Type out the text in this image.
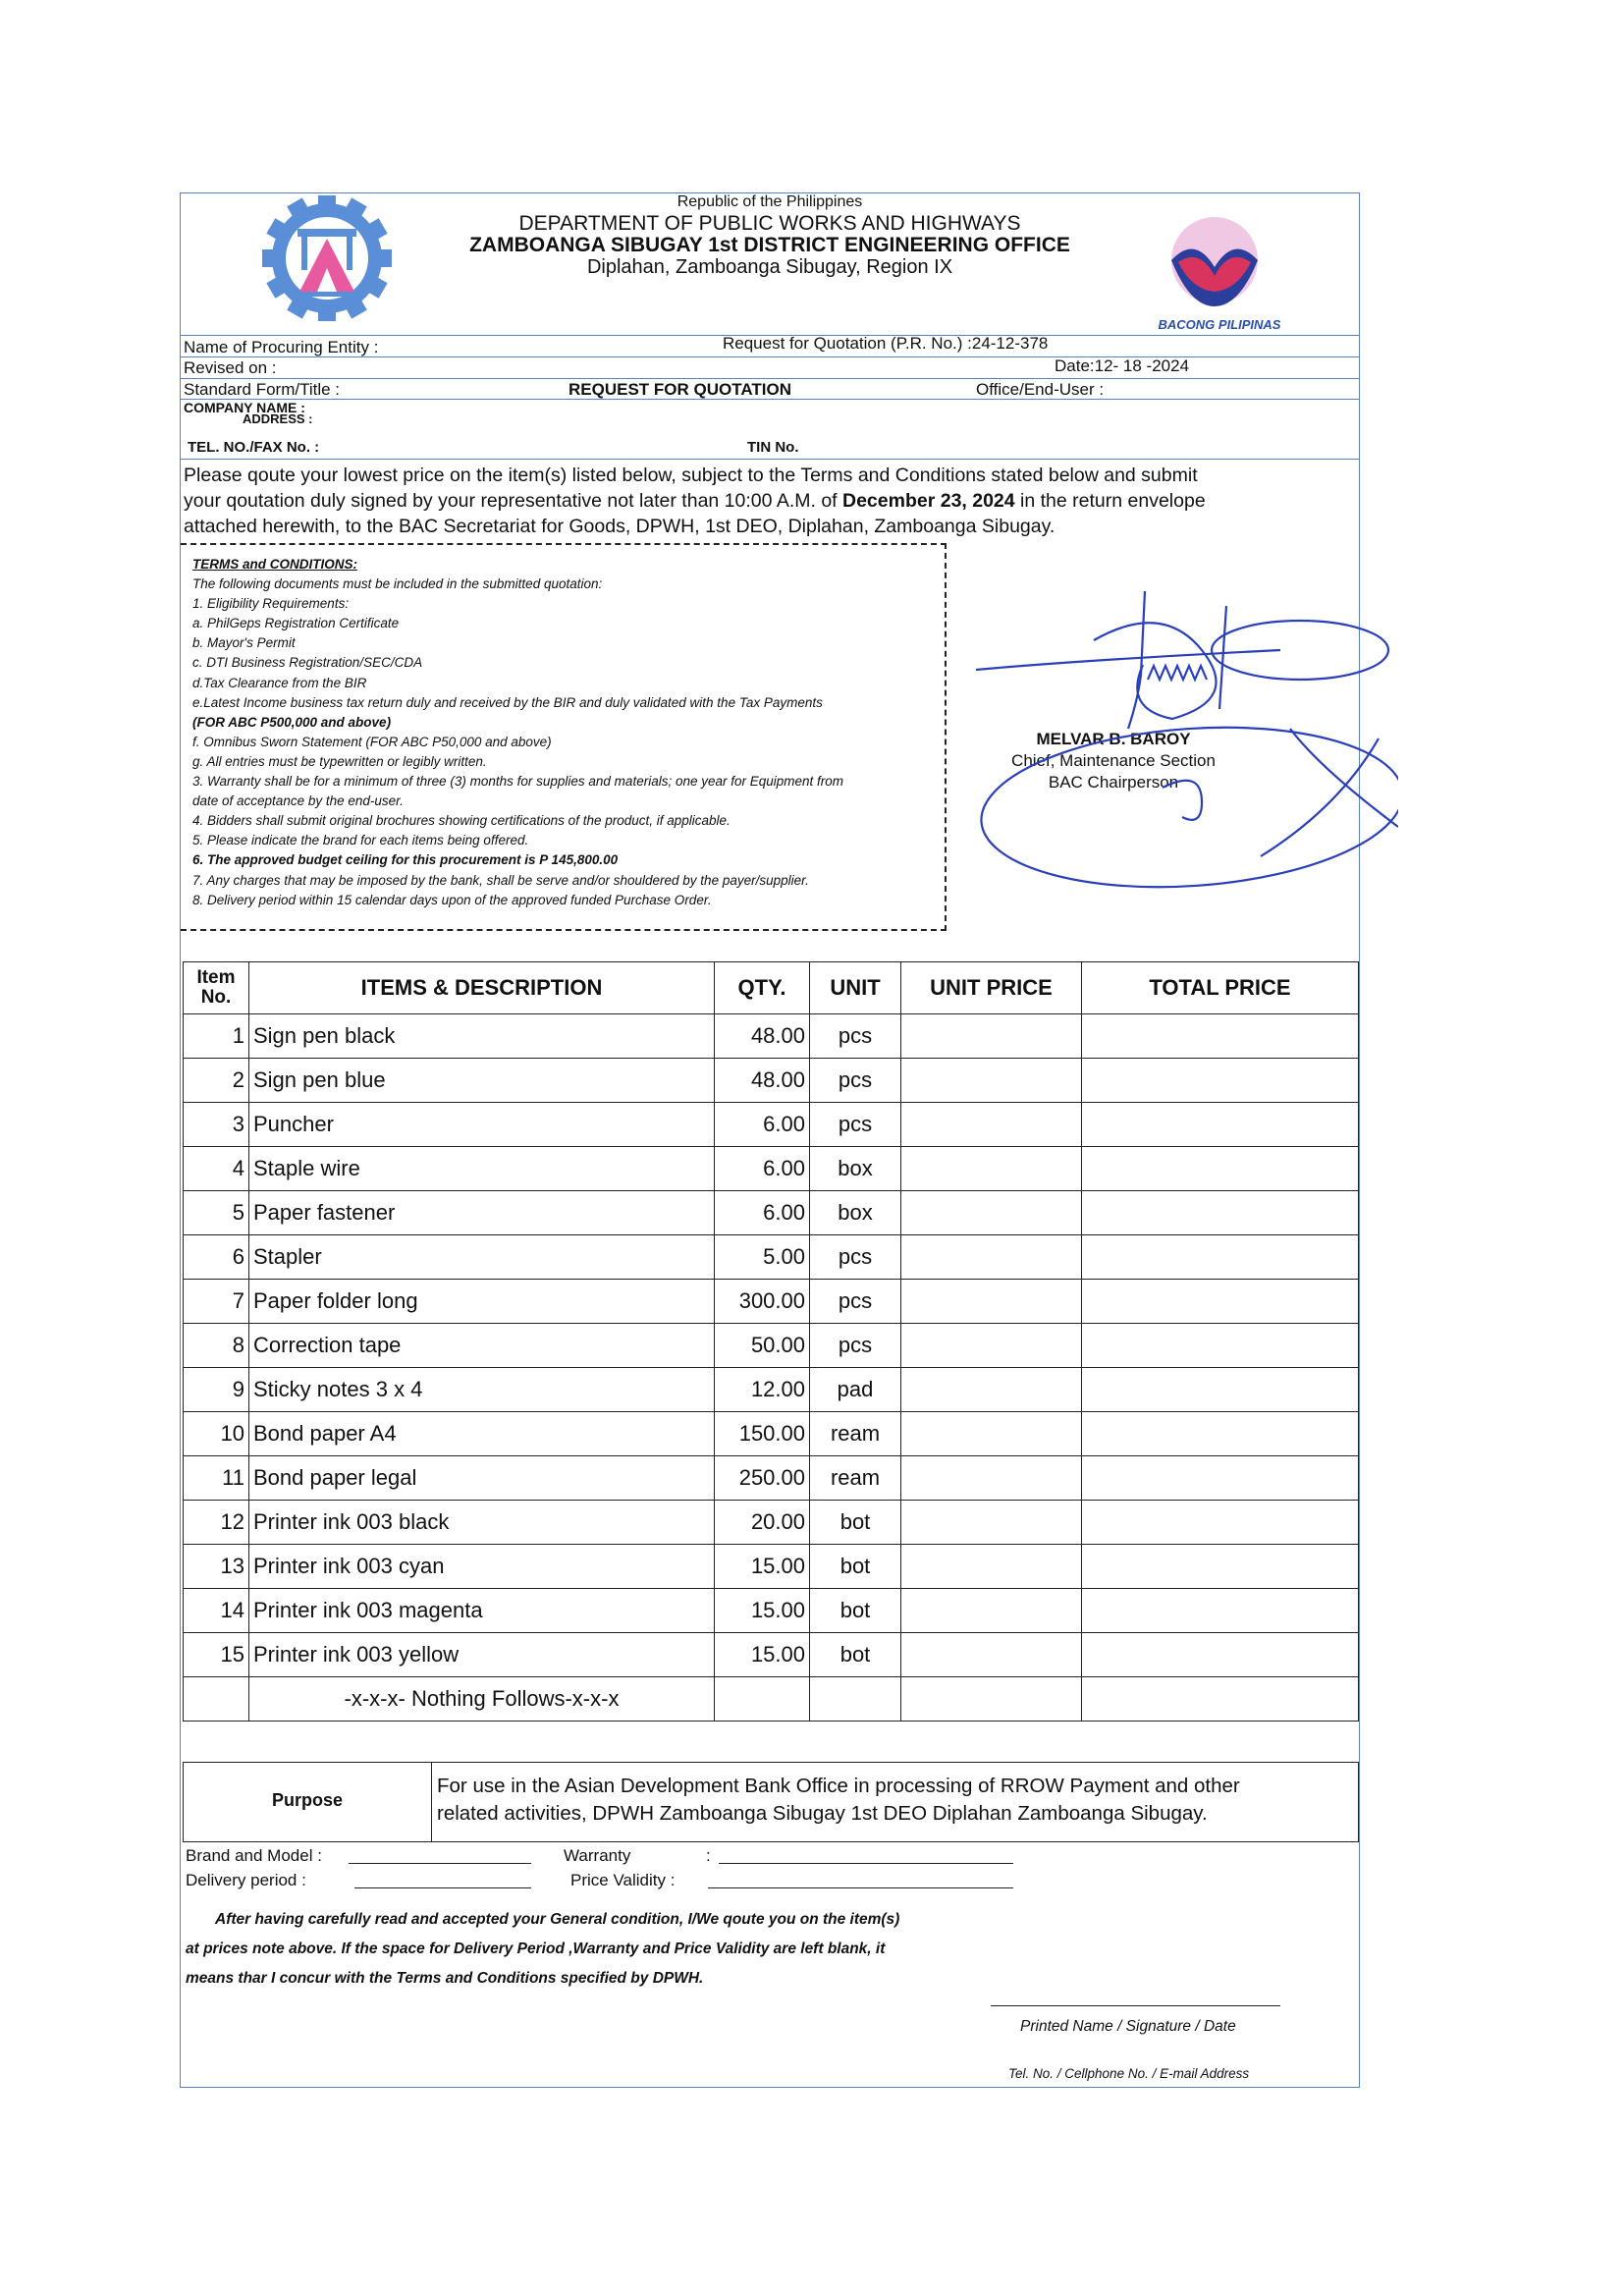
BACONG PILIPINAS
Republic of the Philippines
DEPARTMENT OF PUBLIC WORKS AND HIGHWAYS
ZAMBOANGA SIBUGAY 1st DISTRICT ENGINEERING OFFICE
Diplahan, Zamboanga Sibugay, Region IX
Name of Procuring Entity :	Request for Quotation (P.R. No.) :24-12-378
Revised on :	Date:12- 18 -2024
Standard Form/Title :	REQUEST FOR QUOTATION	Office/End-User :
COMPANY NAME :
ADDRESS :
TEL. NO./FAX No. :	TIN No.
Please qoute your lowest price on the item(s) listed below, subject to the Terms and Conditions stated below and submit
your qoutation duly signed by your representative not later than 10:00 A.M. of December 23, 2024 in the return envelope
attached herewith, to the BAC Secretariat for Goods, DPWH, 1st DEO, Diplahan, Zamboanga Sibugay.
TERMS and CONDITIONS:
The following documents must be included in the submitted quotation:
1. Eligibility Requirements:
a. PhilGeps Registration Certificate
b. Mayor's Permit
c. DTI Business Registration/SEC/CDA
d.Tax Clearance from the BIR
e.Latest Income business tax return duly and received by the BIR and duly validated with the Tax Payments
(FOR ABC P500,000 and above)
f. Omnibus Sworn Statement (FOR ABC P50,000 and above)
g. All entries must be typewritten or legibly written.
3. Warranty shall be for a minimum of three (3) months for supplies and materials; one year for Equipment from
date of acceptance by the end-user.
4. Bidders shall submit original brochures showing certifications of the product, if applicable.
5. Please indicate the brand for each items being offered.
6. The approved budget ceiling for this procurement is P 145,800.00
7. Any charges that may be imposed by the bank, shall be serve and/or shouldered by the payer/supplier.
8. Delivery period within 15 calendar days upon of the approved funded Purchase Order.
MELVAR B. BAROY
Chief, Maintenance Section
BAC Chairperson
Item No.	ITEMS & DESCRIPTION	QTY.	UNIT	UNIT PRICE	TOTAL PRICE
1	Sign pen black	48.00	pcs		
2	Sign pen blue	48.00	pcs		
3	Puncher	6.00	pcs		
4	Staple wire	6.00	box		
5	Paper fastener	6.00	box		
6	Stapler	5.00	pcs		
7	Paper folder long	300.00	pcs		
8	Correction tape	50.00	pcs		
9	Sticky notes 3 x 4	12.00	pad		
10	Bond paper A4	150.00	ream		
11	Bond paper legal	250.00	ream		
12	Printer ink 003 black	20.00	bot		
13	Printer ink 003 cyan	15.00	bot		
14	Printer ink 003 magenta	15.00	bot		
15	Printer ink 003 yellow	15.00	bot		
	-x-x-x- Nothing Follows-x-x-x				
Purpose
For use in the Asian Development Bank Office in processing of RROW Payment and other
related activities, DPWH Zamboanga Sibugay 1st DEO Diplahan Zamboanga Sibugay.
Brand and Model :	Warranty	:
Delivery period :	Price Validity :
After having carefully read and accepted your General condition, I/We qoute you on the item(s)
at prices note above. If the space for Delivery Period ,Warranty and Price Validity are left blank, it
means thar I concur with the Terms and Conditions specified by DPWH.
Printed Name / Signature / Date
Tel. No. / Cellphone No. / E-mail Address
